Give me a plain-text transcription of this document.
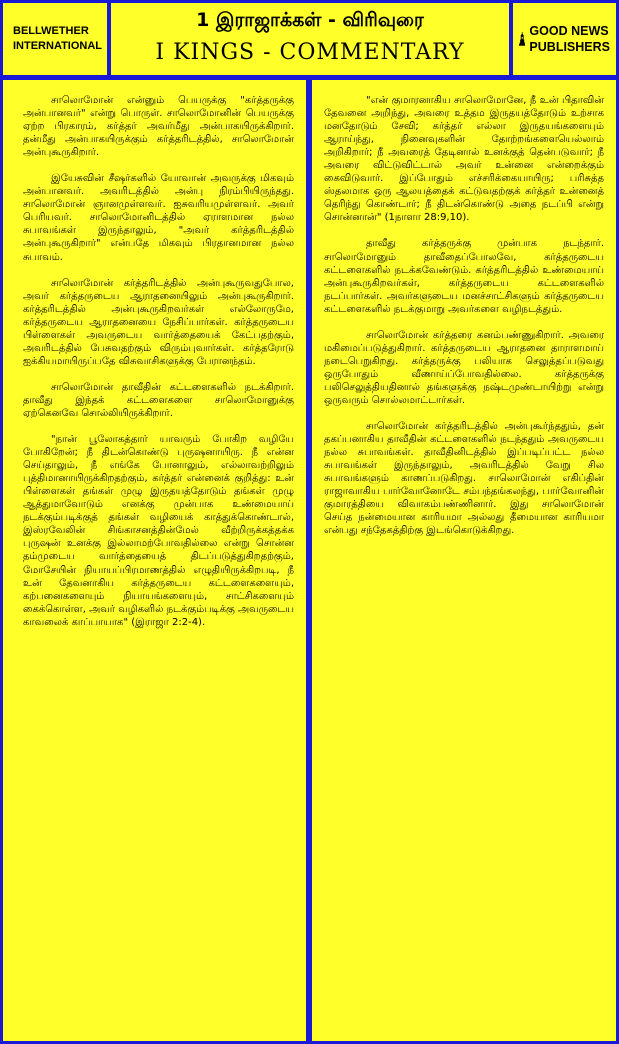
BELLWETHER
INTERNATIONAL
1 இராஜாக்கள் - விரிவுரை
I KINGS - COMMENTARY
GOOD NEWS
PUBLISHERS

சாலொமோன் என்னும் பெயருக்கு "கர்த்தருக்கு அன்பானவர்" என்று பொருள். சாலொமோனின் பெயருக்கு ஏற்ற பிரகாரம், கர்த்தர் அவர்மீது அன்பாகயிருக்கிறார். தன்மீது அன்பாகயிருக்கும் கர்த்தரிடத்தில், சாலொமோன் அன்புகூருகிறார்.

இயேசுவின் சீஷர்களில் யோவான் அவருக்கு மிகவும் அன்பானவர். அவரிடத்தில் அன்பு நிரம்பியிருந்தது. சாலொமோன் ஞானமுள்ளவர். ஐசுவரியமுள்ளவர். அவர் பெரியவர். சாலொமோனிடத்தில் ஏராளமான நல்ல சுபாவங்கள் இருந்தாலும், "அவர் கர்த்தரிடத்தில் அன்புகூருகிறார்" என்பதே மிகவும் பிரதானமான நல்ல சுபாவம்.

சாலொமோன் கர்த்தரிடத்தில் அன்புகூருவதுபோல, அவர் கர்த்தருடைய ஆராதனையிலும் அன்புகூருகிறார். கர்த்தரிடத்தில் அன்புகூருகிறவர்கள் எல்லோருமே, கர்த்தருடைய ஆராதனையை நேசிப்பார்கள். கர்த்தருடைய பிள்ளைகள் அவருடைய வார்த்தையைக் கேட்பதற்கும், அவரிடத்தில் பேசுவதற்கும் விரும்புவார்கள். கர்த்தரோடு ஐக்கியமாயிருப்பதே விசுவாசிகளுக்கு பேரானந்தம்.

சாலொமோன் தாவீதின் கட்டளைகளில் நடக்கிறார். தாவீது இந்தக் கட்டளைகளை சாலொமோனுக்கு ஏற்கெனவே சொல்லியிருக்கிறார்.

"நான் பூலோகத்தார் யாவரும் போகிற வழியே போகிறேன்; நீ திடன்கொண்டு புருஷனாயிரு. நீ என்ன செய்தாலும், நீ எங்கே போனாலும், எல்லாவற்றிலும் புத்திமானாயிருக்கிறதற்கும், கர்த்தர் என்னைக் குறித்து: உன் பிள்ளைகள் தங்கள் முழு இருதயத்தோடும் தங்கள் முழு ஆத்துமாவோடும் எனக்கு முன்பாக உண்மையாய் நடக்கும்படிக்குத் தங்கள் வழியைக் காத்துக்கொண்டால், இஸ்ரவேலின் சிங்காசனத்தின்மேல் வீற்றிருக்கத்தக்க புருஷன் உனக்கு இல்லாமற்போவதில்லை என்று சொன்ன தம்முடைய வார்த்தையைத் திடப்படுத்துகிறதற்கும், மோசேயின் நியாயப்பிரமாணத்தில் எழுதியிருக்கிறபடி, நீ உன் தேவனாகிய கர்த்தருடைய கட்டளைகளையும், கற்பனைகளையும் நியாயங்களையும், சாட்சிகளையும் கைக்கொள்ள, அவர் வழிகளில் நடக்கும்படிக்கு அவருடைய காவலைக் காப்பாயாக" (இராஜா 2:2-4).

"என் குமாரனாகிய சாலொமோனே, நீ உன் பிதாவின் தேவனை அறிந்து, அவரை உத்தம இருதயத்தோடும் உற்சாக மனதோடும் சேவி; கர்த்தர் எல்லா இருதயங்களையும் ஆராய்ந்து, நினைவுகளின் தோற்றங்களையெல்லாம் அறிகிறார்; நீ அவரைத் தேடினால் உனக்குத் தென்படுவார்; நீ அவரை விட்டுவிட்டால் அவர் உன்னை என்றைக்கும் கைவிடுவார். இப்போதும் எச்சரிக்கையாயிரு; பரிசுத்த ஸ்தலமாக ஒரு ஆலயத்தைக் கட்டுவதற்குக் கர்த்தர் உன்னைத் தெரிந்து கொண்டார்; நீ திடன்கொண்டு அதை நடப்பி என்று சொன்னான்" (1நாளா 28:9,10).

தாவீது கர்த்தருக்கு முன்பாக நடந்தார். சாலொமோனும் தாவீதைப்போலவே, கர்த்தருடைய கட்டளைகளில் நடக்கவேண்டும். கர்த்தரிடத்தில் உண்மையாய் அன்புகூருகிறவர்கள், கர்த்தருடைய கட்டளைகளில் நடப்பார்கள். அவர்களுடைய மனச்சாட்சிகளும் கர்த்தருடைய கட்டளைகளில் நடக்குமாறு அவர்களை வழிநடத்தும்.

சாலொமோன் கர்த்தரை கனம்பண்ணுகிறார். அவரை மகிமைப்படுத்துகிறார். கர்த்தருடைய ஆராதனை தாராளமாய் நடைபெறுகிறது. கர்த்தருக்கு பலியாக செலுத்தப்படுவது ஒருபோதும் வீணாய்ப்போவதில்லை. கர்த்தருக்கு பலிசெலுத்தியதினால் தங்களுக்கு நஷ்டமுண்டாயிற்று என்று ஒருவரும் சொல்லமாட்டார்கள்.

சாலொமோன் கர்த்தரிடத்தில் அன்புகூர்ந்ததும், தன் தகப்பனாகிய தாவீதின் கட்டளைகளில் நடந்ததும் அவருடைய நல்ல சுபாவங்கள். தாவீதினிடத்தில் இப்படிப்பட்ட நல்ல சுபாவங்கள் இருந்தாலும், அவரிடத்தில் வேறு சில சுபாவங்களும் காணப்படுகிறது. சாலொமோன் எகிப்தின் ராஜாவாகிய பார்வோனோடே சம்பந்தங்கலந்து, பார்வோனின் குமாரத்தியை விவாகம்பண்ணினார். இது சாலொமோன் செய்த நன்மையான காரியமா அல்லது தீமையான காரியமா என்பது சந்தேகத்திற்கு இடங்கொடுக்கிறது.
